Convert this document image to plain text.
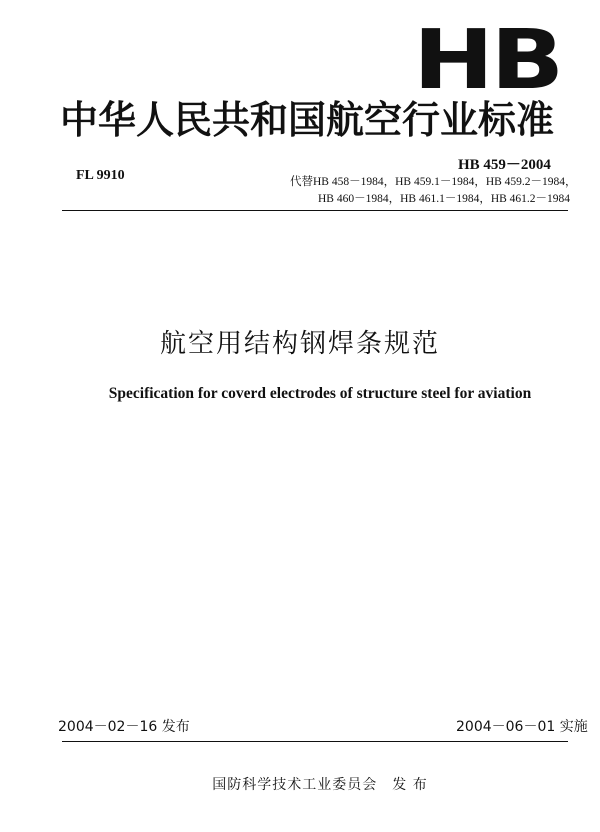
HB
中华人民共和国航空行业标准
FL 9910
HB 459－2004
代替HB 458－1984，HB 459.1－1984，HB 459.2－1984，
HB 460－1984，HB 461.1－1984，HB 461.2－1984
航空用结构钢焊条规范
Specification for coverd electrodes of structure steel for aviation
2004－02－16 发布	2004－06－01 实施
国防科学技术工业委员会　发 布
